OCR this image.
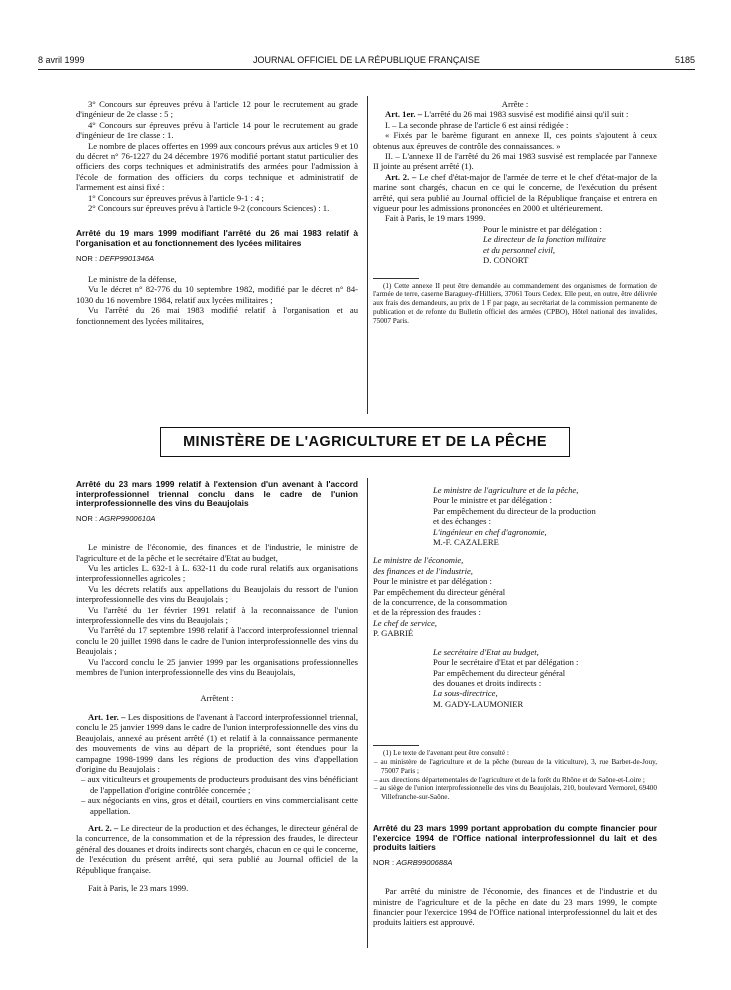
8 avril 1999	JOURNAL OFFICIEL DE LA RÉPUBLIQUE FRANÇAISE	5185

3° Concours sur épreuves prévu à l'article 12 pour le recrutement au grade d'ingénieur de 2e classe : 5 ;

4° Concours sur épreuves prévu à l'article 14 pour le recrutement au grade d'ingénieur de 1re classe : 1.

Le nombre de places offertes en 1999 aux concours prévus aux articles 9 et 10 du décret n° 76-1227 du 24 décembre 1976 modifié portant statut particulier des officiers des corps techniques et administratifs des armées pour l'admission à l'école de formation des officiers du corps technique et administratif de l'armement est ainsi fixé :

1° Concours sur épreuves prévus à l'article 9-1 : 4 ;

2° Concours sur épreuves prévu à l'article 9-2 (concours Sciences) : 1.

Arrêté du 19 mars 1999 modifiant l'arrêté du 26 mai 1983 relatif à l'organisation et au fonctionnement des lycées militaires

NOR : DEFP9901346A

Le ministre de la défense,

Vu le décret n° 82-776 du 10 septembre 1982, modifié par le décret n° 84-1030 du 16 novembre 1984, relatif aux lycées militaires ;

Vu l'arrêté du 26 mai 1983 modifié relatif à l'organisation et au fonctionnement des lycées militaires,

Arrête :

Art. 1er. – L'arrêté du 26 mai 1983 susvisé est modifié ainsi qu'il suit :

I. – La seconde phrase de l'article 6 est ainsi rédigée :

« Fixés par le barème figurant en annexe II, ces points s'ajoutent à ceux obtenus aux épreuves de contrôle des connaissances. »

II. – L'annexe II de l'arrêté du 26 mai 1983 susvisé est remplacée par l'annexe II jointe au présent arrêté (1).

Art. 2. – Le chef d'état-major de l'armée de terre et le chef d'état-major de la marine sont chargés, chacun en ce qui le concerne, de l'exécution du présent arrêté, qui sera publié au Journal officiel de la République française et entrera en vigueur pour les admissions prononcées en 2000 et ultérieurement.

Fait à Paris, le 19 mars 1999.

Pour le ministre et par délégation :

Le directeur de la fonction militaire

et du personnel civil,

D. CONORT

(1) Cette annexe II peut être demandée au commandement des organismes de formation de l'armée de terre, caserne Baraguey-d'Hilliers, 37061 Tours Cedex. Elle peut, en outre, être délivrée aux frais des demandeurs, au prix de 1 F par page, au secrétariat de la commission permanente de publication et de refonte du Bulletin officiel des armées (CPBO), Hôtel national des invalides, 75007 Paris.

MINISTÈRE DE L'AGRICULTURE ET DE LA PÊCHE

Arrêté du 23 mars 1999 relatif à l'extension d'un avenant à l'accord interprofessionnel triennal conclu dans le cadre de l'union interprofessionnelle des vins du Beaujolais

NOR : AGRP9900610A

Le ministre de l'économie, des finances et de l'industrie, le ministre de l'agriculture et de la pêche et le secrétaire d'Etat au budget,

Vu les articles L. 632-1 à L. 632-11 du code rural relatifs aux organisations interprofessionnelles agricoles ;

Vu les décrets relatifs aux appellations du Beaujolais du ressort de l'union interprofessionnelle des vins du Beaujolais ;

Vu l'arrêté du 1er février 1991 relatif à la reconnaissance de l'union interprofessionnelle des vins du Beaujolais ;

Vu l'arrêté du 17 septembre 1998 relatif à l'accord interprofessionnel triennal conclu le 20 juillet 1998 dans le cadre de l'union interprofessionnelle des vins du Beaujolais ;

Vu l'accord conclu le 25 janvier 1999 par les organisations professionnelles membres de l'union interprofessionnelle des vins du Beaujolais,

Arrêtent :

Art. 1er. – Les dispositions de l'avenant à l'accord interprofessionnel triennal, conclu le 25 janvier 1999 dans le cadre de l'union interprofessionnelle des vins du Beaujolais, annexé au présent arrêté (1) et relatif à la connaissance permanente des mouvements de vins au départ de la propriété, sont étendues pour la campagne 1998-1999 dans les régions de production des vins d'appellation d'origine du Beaujolais :

– aux viticulteurs et groupements de producteurs produisant des vins bénéficiant de l'appellation d'origine contrôlée concernée ;

– aux négociants en vins, gros et détail, courtiers en vins commercialisant cette appellation.

Art. 2. – Le directeur de la production et des échanges, le directeur général de la concurrence, de la consommation et de la répression des fraudes, le directeur général des douanes et droits indirects sont chargés, chacun en ce qui le concerne, de l'exécution du présent arrêté, qui sera publié au Journal officiel de la République française.

Fait à Paris, le 23 mars 1999.

Le ministre de l'agriculture et de la pêche,

Pour le ministre et par délégation :

Par empêchement du directeur de la production

et des échanges :

L'ingénieur en chef d'agronomie,

M.-F. CAZALERE

Le ministre de l'économie,

des finances et de l'industrie,

Pour le ministre et par délégation :

Par empêchement du directeur général

de la concurrence, de la consommation

et de la répression des fraudes :

Le chef de service,

P. GABRIÉ

Le secrétaire d'Etat au budget,

Pour le secrétaire d'Etat et par délégation :

Par empêchement du directeur général

des douanes et droits indirects :

La sous-directrice,

M. GADY-LAUMONIER

(1) Le texte de l'avenant peut être consulté :

– au ministère de l'agriculture et de la pêche (bureau de la viticulture), 3, rue Barbet-de-Jouy, 75007 Paris ;

– aux directions départementales de l'agriculture et de la forêt du Rhône et de Saône-et-Loire ;

– au siège de l'union interprofessionnelle des vins du Beaujolais, 210, boulevard Vermorel, 69400 Villefranche-sur-Saône.

Arrêté du 23 mars 1999 portant approbation du compte financier pour l'exercice 1994 de l'Office national interprofessionnel du lait et des produits laitiers

NOR : AGRB9900688A

Par arrêté du ministre de l'économie, des finances et de l'industrie et du ministre de l'agriculture et de la pêche en date du 23 mars 1999, le compte financier pour l'exercice 1994 de l'Office national interprofessionnel du lait et des produits laitiers est approuvé.
